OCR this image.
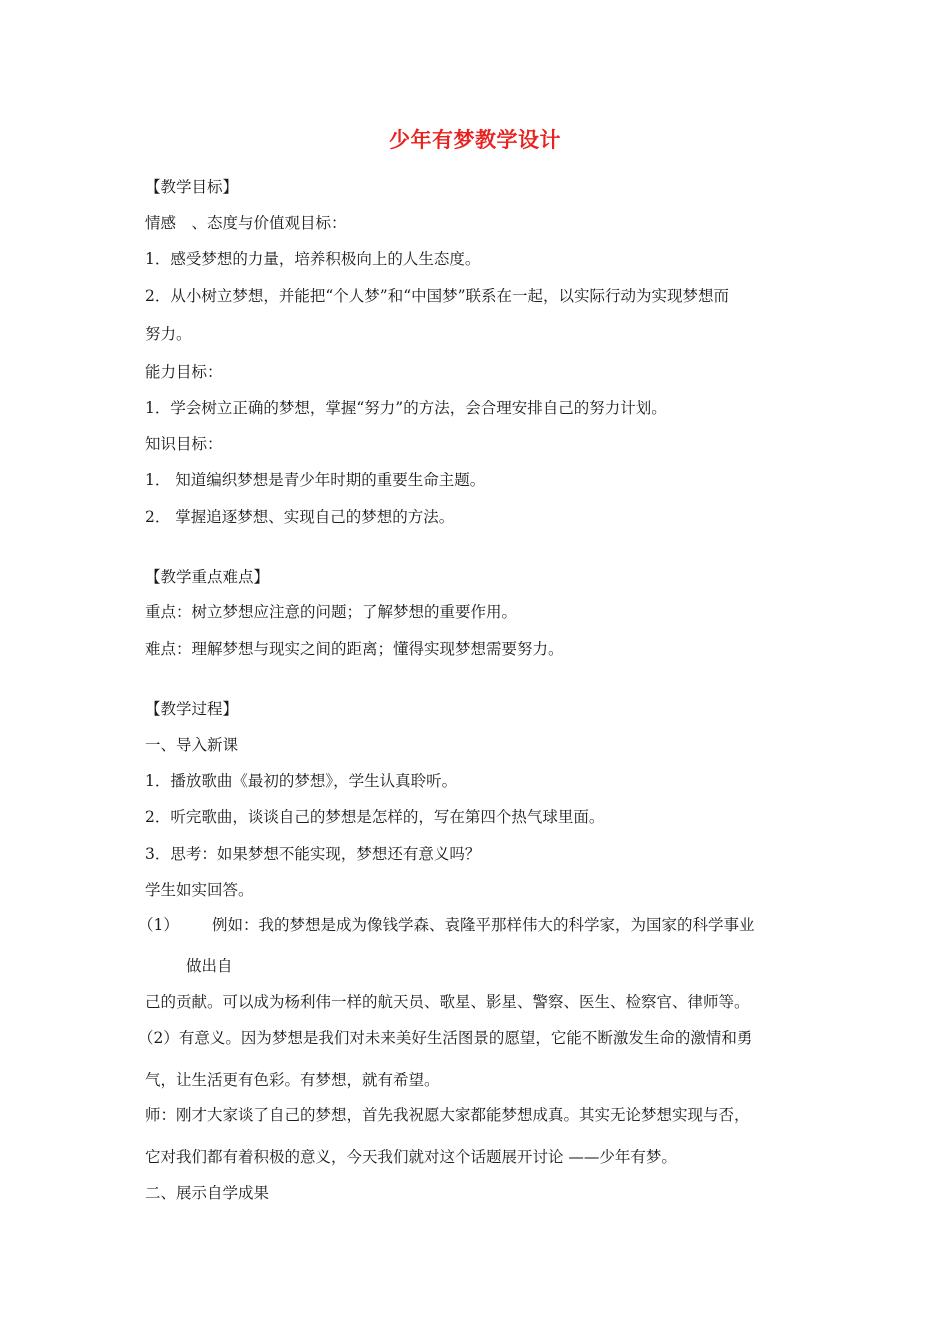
少年有梦教学设计
【教学目标】
情感　、态度与价值观目标：
1．感受梦想的力量，培养积极向上的人生态度。
2．从小树立梦想，并能把“个人梦”和“中国梦”联系在一起，以实际行动为实现梦想而
努力。
能力目标：
1．学会树立正确的梦想，掌握“努力”的方法，会合理安排自己的努力计划。
知识目标：
1． 知道编织梦想是青少年时期的重要生命主题。
2． 掌握追逐梦想、实现自己的梦想的方法。
【教学重点难点】
重点：树立梦想应注意的问题；了解梦想的重要作用。
难点：理解梦想与现实之间的距离；懂得实现梦想需要努力。
【教学过程】
一、导入新课
1．播放歌曲《最初的梦想》，学生认真聆听。
2．听完歌曲，谈谈自己的梦想是怎样的，写在第四个热气球里面。
3．思考：如果梦想不能实现，梦想还有意义吗？
学生如实回答。
（1） 例如：我的梦想是成为像钱学森、袁隆平那样伟大的科学家，为国家的科学事业
做出自
己的贡献。可以成为杨利伟一样的航天员、歌星、影星、警察、医生、检察官、律师等。
（2）有意义。因为梦想是我们对未来美好生活图景的愿望，它能不断激发生命的激情和勇
气，让生活更有色彩。有梦想，就有希望。
师：刚才大家谈了自己的梦想，首先我祝愿大家都能梦想成真。其实无论梦想实现与否，
它对我们都有着积极的意义，今天我们就对这个话题展开讨论 ——少年有梦。
二、展示自学成果
